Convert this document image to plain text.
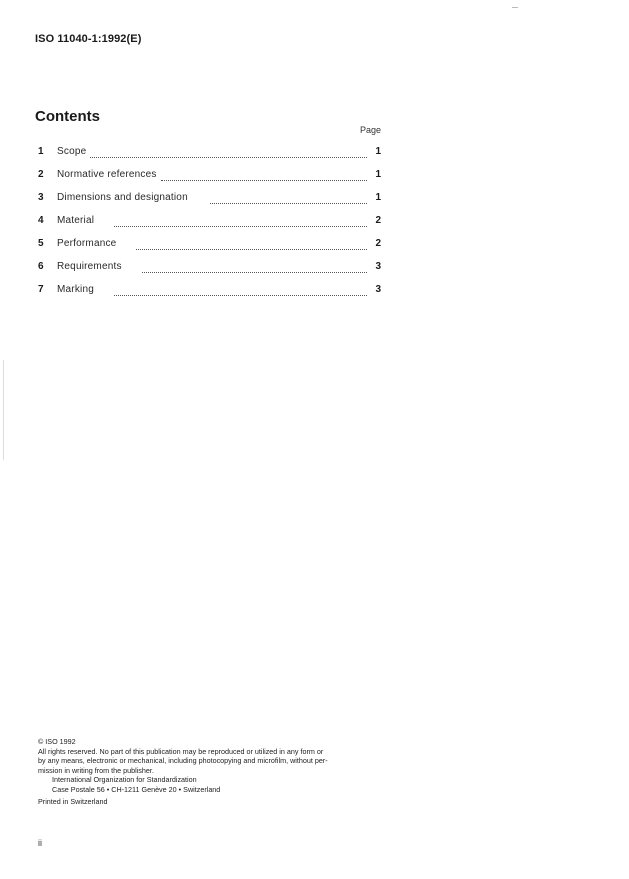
ISO 11040-1:1992(E)
Contents
Page
1	Scope	1
2	Normative references	1
3	Dimensions and designation	1
4	Material	2
5	Performance	2
6	Requirements	3
7	Marking	3
© ISO 1992
All rights reserved. No part of this publication may be reproduced or utilized in any form or
by any means, electronic or mechanical, including photocopying and microfilm, without per-
mission in writing from the publisher.
International Organization for Standardization
Case Postale 56 • CH-1211 Genève 20 • Switzerland
Printed in Switzerland
ii
